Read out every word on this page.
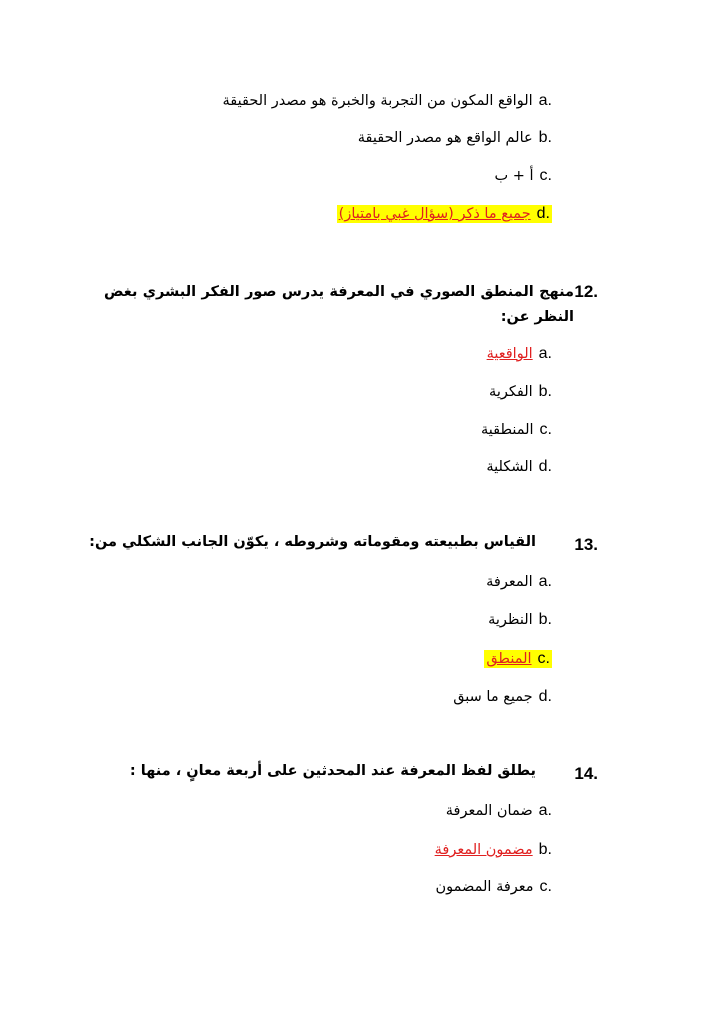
a.
الواقع المكون من التجربة والخبرة هو مصدر الحقيقة
b.
عالم الواقع هو مصدر الحقيقة
c.
أ + ب
جميع ما ذكر (سؤال غبي بامتياز) d.
12.
منهج المنطق الصوري في المعرفة يدرس صور الفكر البشري بغض النظر عن:
a.
الواقعية
b.
الفكرية
c.
المنطقية
d.
الشكلية
13.
القياس بطبيعته ومقوماته وشروطه ، يكوّن الجانب الشكلي من:
a.
المعرفة
b.
النظرية
المنطق c.
d.
جميع ما سبق
14.
يطلق لفظ المعرفة عند المحدثين على أربعة معانٍ ، منها :
a.
ضمان المعرفة
b.
مضمون المعرفة
c.
معرفة المضمون
